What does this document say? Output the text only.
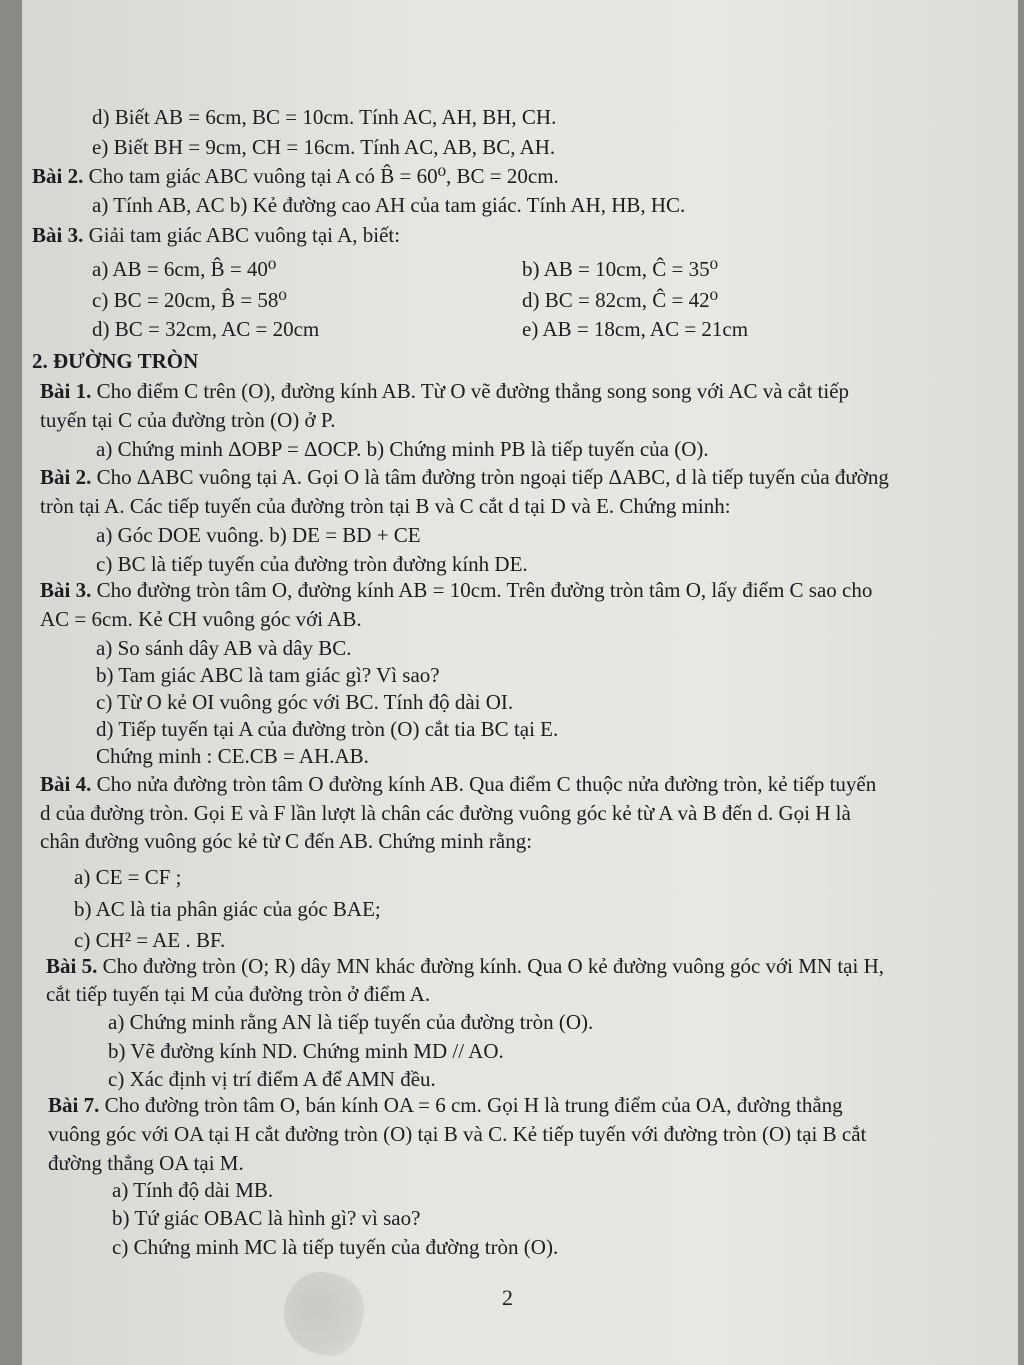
d) Biết AB = 6cm, BC = 10cm. Tính AC, AH, BH, CH.
e) Biết BH = 9cm, CH = 16cm. Tính AC, AB, BC, AH.
Bài 2. Cho tam giác ABC vuông tại A có B̂ = 60⁰, BC = 20cm.
a) Tính AB, AC b) Kẻ đường cao AH của tam giác. Tính AH, HB, HC.
Bài 3. Giải tam giác ABC vuông tại A, biết:
a) AB = 6cm, B̂ = 40⁰	b) AB = 10cm, Ĉ = 35⁰
c) BC = 20cm, B̂ = 58⁰	d) BC = 82cm, Ĉ = 42⁰
d) BC = 32cm, AC = 20cm	e) AB = 18cm, AC = 21cm
2. ĐƯỜNG TRÒN
Bài 1. Cho điểm C trên (O), đường kính AB. Từ O vẽ đường thẳng song song với AC và cắt tiếp
tuyến tại C của đường tròn (O) ở P.
a) Chứng minh ΔOBP = ΔOCP. b) Chứng minh PB là tiếp tuyến của (O).
Bài 2. Cho ΔABC vuông tại A. Gọi O là tâm đường tròn ngoại tiếp ΔABC, d là tiếp tuyến của đường
tròn tại A. Các tiếp tuyến của đường tròn tại B và C cắt d tại D và E. Chứng minh:
a) Góc DOE vuông. b) DE = BD + CE
c) BC là tiếp tuyến của đường tròn đường kính DE.
Bài 3. Cho đường tròn tâm O, đường kính AB = 10cm. Trên đường tròn tâm O, lấy điểm C sao cho
AC = 6cm. Kẻ CH vuông góc với AB.
a) So sánh dây AB và dây BC.
b) Tam giác ABC là tam giác gì? Vì sao?
c) Từ O kẻ OI vuông góc với BC. Tính độ dài OI.
d) Tiếp tuyến tại A của đường tròn (O) cắt tia BC tại E.
Chứng minh : CE.CB = AH.AB.
Bài 4. Cho nửa đường tròn tâm O đường kính AB. Qua điểm C thuộc nửa đường tròn, kẻ tiếp tuyến
d của đường tròn. Gọi E và F lần lượt là chân các đường vuông góc kẻ từ A và B đến d. Gọi H là
chân đường vuông góc kẻ từ C đến AB. Chứng minh rằng:
a) CE = CF ;
b) AC là tia phân giác của góc BAE;
c) CH² = AE . BF.
Bài 5. Cho đường tròn (O; R) dây MN khác đường kính. Qua O kẻ đường vuông góc với MN tại H,
cắt tiếp tuyến tại M của đường tròn ở điểm A.
a) Chứng minh rằng AN là tiếp tuyến của đường tròn (O).
b) Vẽ đường kính ND. Chứng minh MD // AO.
c) Xác định vị trí điểm A để AMN đều.
Bài 7. Cho đường tròn tâm O, bán kính OA = 6 cm. Gọi H là trung điểm của OA, đường thẳng
vuông góc với OA tại H cắt đường tròn (O) tại B và C. Kẻ tiếp tuyến với đường tròn (O) tại B cắt
đường thẳng OA tại M.
a) Tính độ dài MB.
b) Tứ giác OBAC là hình gì? vì sao?
c) Chứng minh MC là tiếp tuyến của đường tròn (O).
2
